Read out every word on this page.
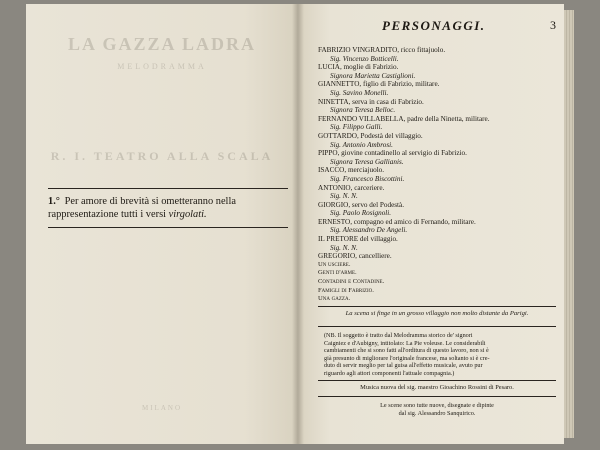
LA GAZZA LADRA
MELODRAMMA
R. I. TEATRO ALLA SCALA
MILANO
1.° Per amore di brevità si ometteranno nella
rappresentazione tutti i versi virgolati.
PERSONAGGI.	3
FABRIZIO VINGRADITO, ricco fittajuolo.
Sig. Vincenzo Botticelli.
LUCIA, moglie di Fabrizio.
Signora Marietta Castiglioni.
GIANNETTO, figlio di Fabrizio, militare.
Sig. Savino Monelli.
NINETTA, serva in casa di Fabrizio.
Signora Teresa Belloc.
FERNANDO VILLABELLA, padre della Ninetta, militare.
Sig. Filippo Galli.
GOTTARDO, Podestà del villaggio.
Sig. Antonio Ambrosi.
PIPPO, giovine contadinello al servigio di Fabrizio.
Signora Teresa Gallianis.
ISACCO, merciajuolo.
Sig. Francesco Biscottini.
ANTONIO, carceriere.
Sig. N. N.
GIORGIO, servo del Podestà.
Sig. Paolo Rosignoli.
ERNESTO, compagno ed amico di Fernando, militare.
Sig. Alessandro De Angeli.
IL PRETORE del villaggio.
Sig. N. N.
GREGORIO, cancelliere.
Un usciere.
Genti d'arme.
Contadini e Contadine.
Famigli di Fabrizio.
Una gazza.
La scena si finge in un grosso villaggio non molto distante da Parigi.
(NB. Il soggetto è tratto dal Melodramma storico de' signori
Caigniez e d'Aubigny, intitolato: La Pie voleuse. Le considerabili
cambiamenti che si sono fatti all'orditura di questo lavoro, non si è
già presunto di migliorare l'originale francese, ma soltanto si è cre-
duto di servir meglio per tal guisa all'effetto musicale, avuto pur
riguardo agli attori componenti l'attuale compagnia.)
Musica nuova del sig. maestro Gioachino Rossini di Pesaro.
Le scene sono tutte nuove, disegnate e dipinte
dal sig. Alessandro Sanquirico.
